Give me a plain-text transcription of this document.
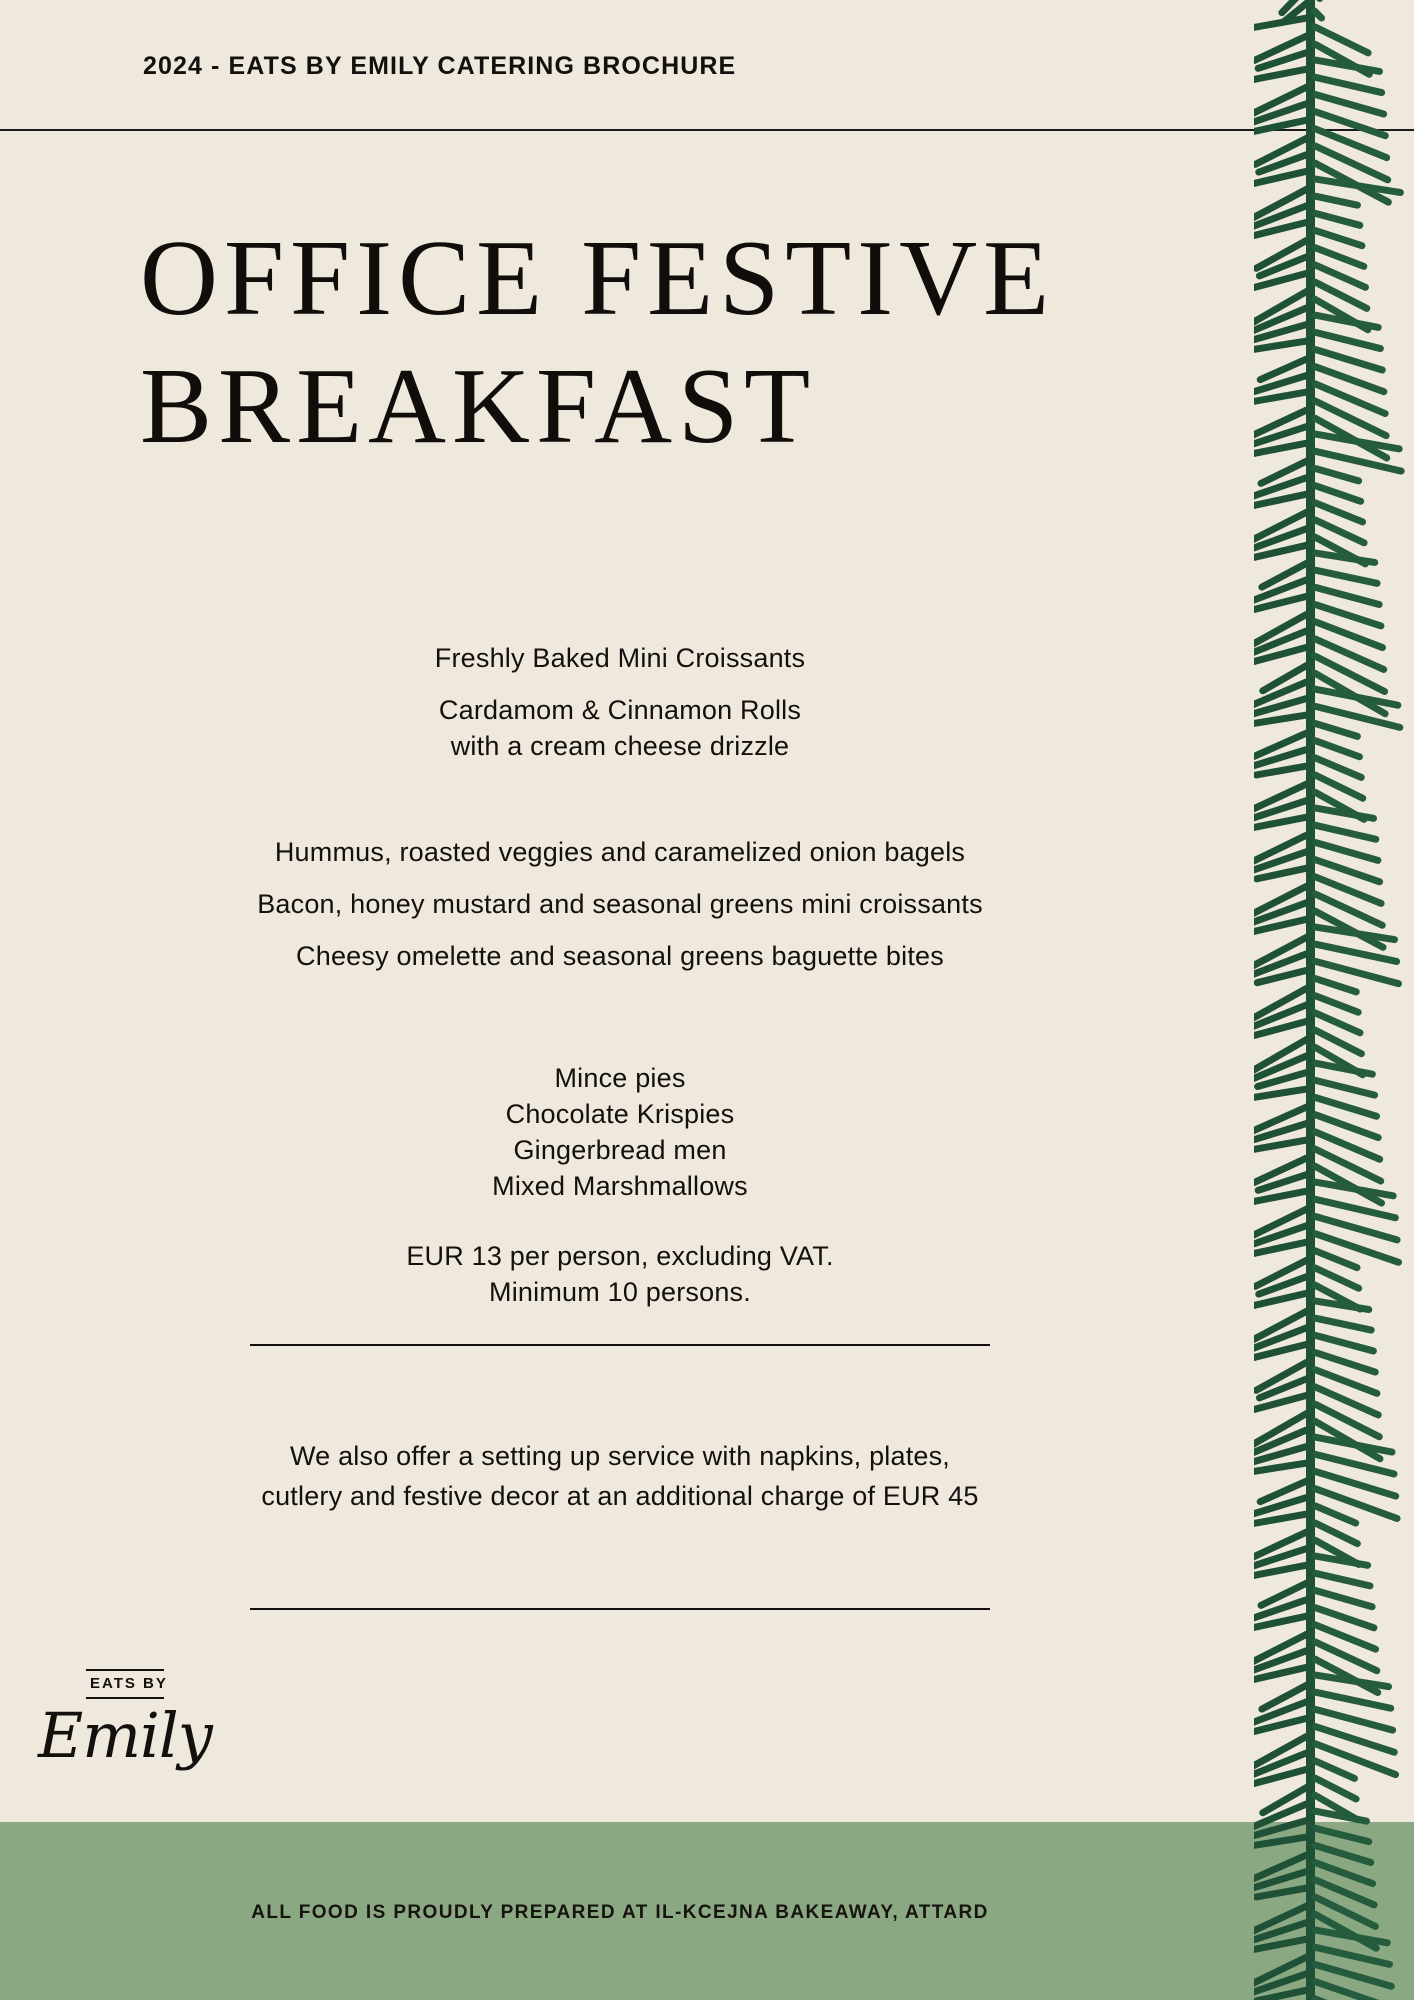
2024 - EATS BY EMILY CATERING BROCHURE
OFFICE FESTIVE
BREAKFAST
Freshly Baked Mini Croissants
Cardamom & Cinnamon Rolls
with a cream cheese drizzle
Hummus, roasted veggies and caramelized onion bagels
Bacon, honey mustard and seasonal greens mini croissants
Cheesy omelette and seasonal greens baguette bites
Mince pies
Chocolate Krispies
Gingerbread men
Mixed Marshmallows
EUR 13 per person, excluding VAT.
Minimum 10 persons.
We also offer a setting up service with napkins, plates,
cutlery and festive decor at an additional charge of EUR 45
EATS BY
Emily
ALL FOOD IS PROUDLY PREPARED AT IL-KCEJNA BAKEAWAY, ATTARD
